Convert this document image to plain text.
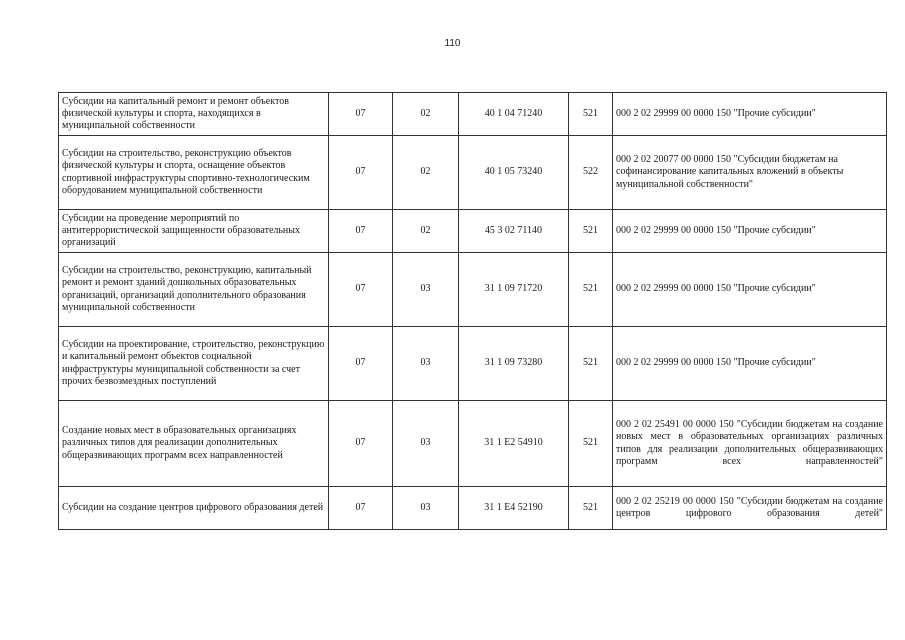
110
Субсидии на капитальный ремонт и ремонт объектов физической культуры и спорта, находящихся в муниципальной собственности	07	02	40 1 04 71240	521	000 2 02 29999 00 0000 150 "Прочие субсидии"
Субсидии на строительство, реконструкцию объектов физической культуры и спорта, оснащение объектов спортивной инфраструктуры спортивно-технологическим оборудованием муниципальной собственности	07	02	40 1 05 73240	522	000 2 02 20077 00 0000 150 "Субсидии бюджетам на софинансирование капитальных вложений в объекты муниципальной собственности"
Субсидии на проведение мероприятий по антитеррористической защищенности образовательных организаций	07	02	45 3 02 71140	521	000 2 02 29999 00 0000 150 "Прочие субсидии"
Субсидии на строительство, реконструкцию, капитальный ремонт и ремонт зданий дошкольных образовательных организаций, организаций дополнительного образования муниципальной собственности	07	03	31 1 09 71720	521	000 2 02 29999 00 0000 150 "Прочие субсидии"
Субсидии на проектирование, строительство, реконструкцию и капитальный ремонт объектов социальной инфраструктуры муниципальной собственности за счет прочих безвозмездных поступлений	07	03	31 1 09 73280	521	000 2 02 29999 00 0000 150 "Прочие субсидии"
Создание новых мест в образовательных организациях различных типов для реализации дополнительных общеразвивающих программ всех направленностей	07	03	31 1 E2 54910	521	000 2 02 25491 00 0000 150 "Субсидии бюджетам на создание новых мест в образовательных организациях различных типов для реализации дополнительных общеразвивающих программ всех направленностей"
Субсидии на создание центров цифрового образования детей	07	03	31 1 E4 52190	521	000 2 02 25219 00 0000 150 "Субсидии бюджетам на создание центров цифрового образования детей"
